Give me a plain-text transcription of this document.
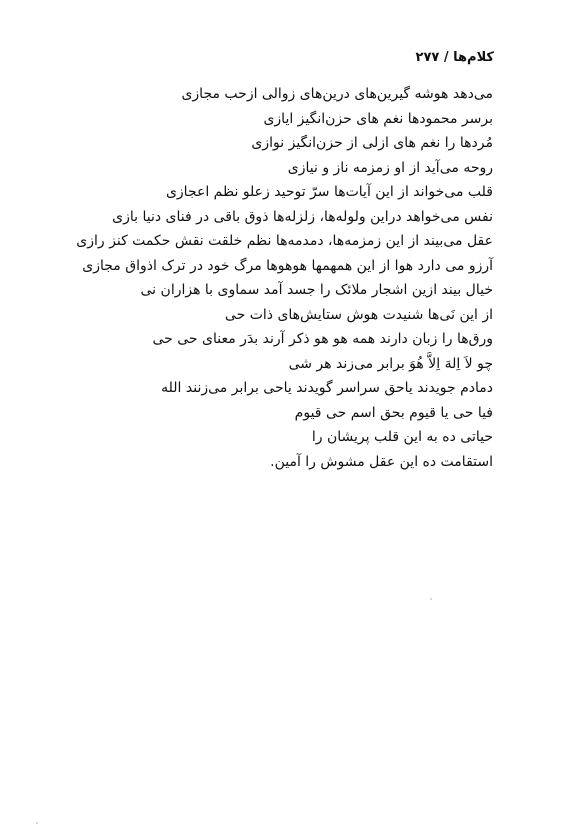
کلام‌ها / ۲۷۷
می‌دهد هوشه گیرین‌های درین‌های زوالی ازحب مجازی
برسر محمودها نغم های حزن‌انگیز ایازی
مُردها را نغم های ازلی از حزن‌انگیز نوازی
روحه می‌آید از او زمزمه ناز و نیازی
قلب می‌خواند از این آیات‌ها سرّ توحید زعلو نظم اعجازی
نفس می‌خواهد دراین ولوله‌ها، زلزله‌ها ذوق باقی در فنای دنیا بازی
عقل می‌بیند از این زمزمه‌ها، دمدمه‌ها نظم خلقت نقش حکمت کنز رازی
آرزو می دارد هوا از این همهمها هوهوها مرگ خود در ترک اذواق مجازی
خیال بیند ازین اشجار ملائک را جسد آمد سماوی با هزاران نی
از این نَی‌ها شنیدت هوش ستایش‌های ذات حی
ورق‌ها را زبان دارند همه هو هو ذکر آرند بدَر معنای حی حی
چو لاَ اِلهَ اِلاَّ هُوَ برابر می‌زند هر شی
دمادم جویدند یاحق سراسر گویدند یاحی برابر می‌زنند الله
فیا حی یا قیوم بحق اسم حی قیوم
حیاتی ده به این قلب پریشان را
استقامت ده این عقل مشوش را آمین.
